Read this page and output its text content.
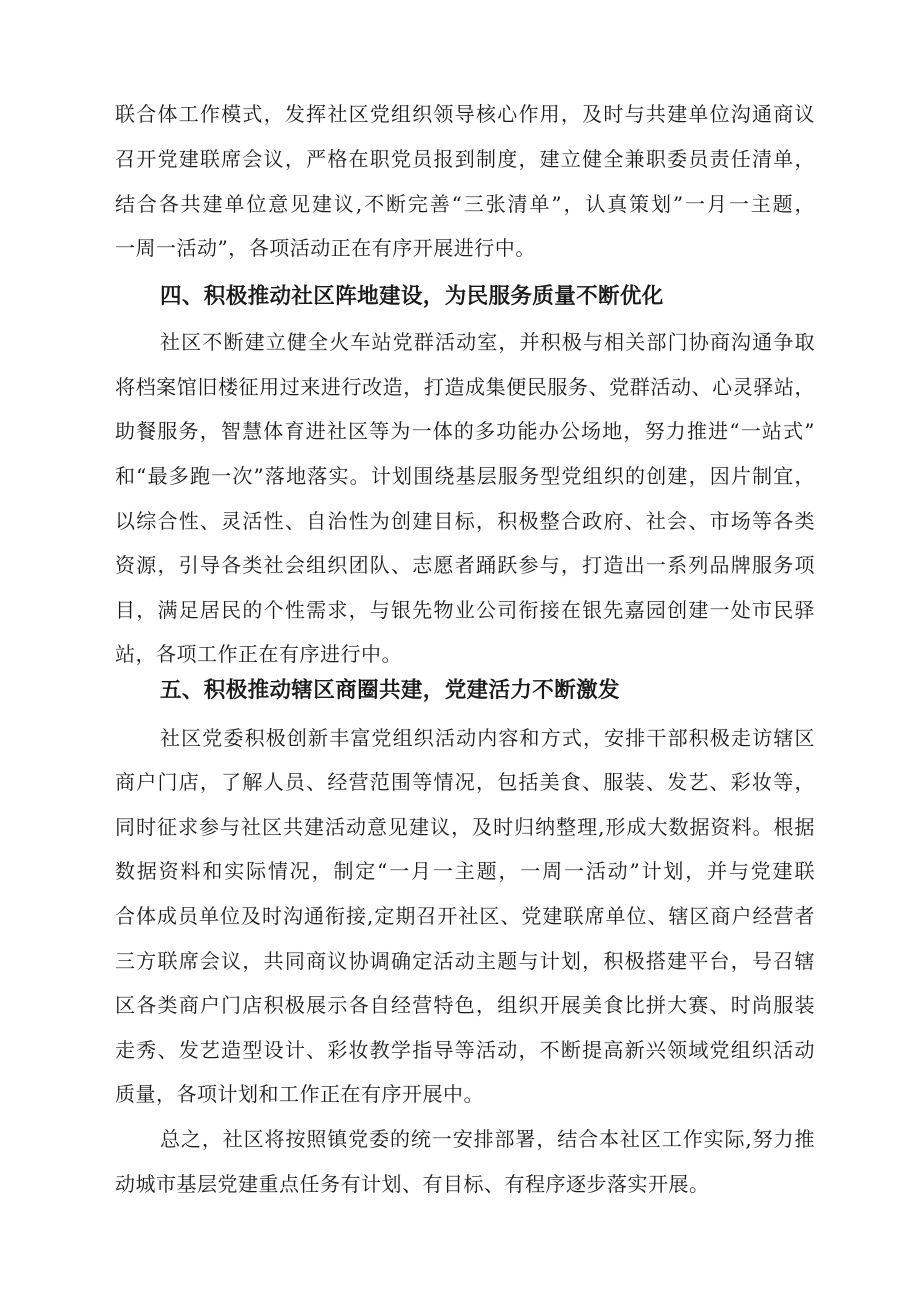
联合体工作模式，发挥社区党组织领导核心作用，及时与共建单位沟通商议
召开党建联席会议，严格在职党员报到制度，建立健全兼职委员责任清单，
结合各共建单位意见建议,不断完善“三张清单”，认真策划”一月一主题，
一周一活动”，各项活动正在有序开展进行中。
四、积极推动社区阵地建设，为民服务质量不断优化
社区不断建立健全火车站党群活动室，并积极与相关部门协商沟通争取
将档案馆旧楼征用过来进行改造，打造成集便民服务、党群活动、心灵驿站，
助餐服务，智慧体育进社区等为一体的多功能办公场地，努力推进“一站式”
和“最多跑一次”落地落实。计划围绕基层服务型党组织的创建，因片制宜，
以综合性、灵活性、自治性为创建目标，积极整合政府、社会、市场等各类
资源，引导各类社会组织团队、志愿者踊跃参与，打造出一系列品牌服务项
目，满足居民的个性需求，与银先物业公司衔接在银先嘉园创建一处市民驿
站，各项工作正在有序进行中。
五、积极推动辖区商圈共建，党建活力不断激发
社区党委积极创新丰富党组织活动内容和方式，安排干部积极走访辖区
商户门店，了解人员、经营范围等情况，包括美食、服装、发艺、彩妆等，
同时征求参与社区共建活动意见建议，及时归纳整理,形成大数据资料。根据
数据资料和实际情况，制定“一月一主题，一周一活动”计划，并与党建联
合体成员单位及时沟通衔接,定期召开社区、党建联席单位、辖区商户经营者
三方联席会议，共同商议协调确定活动主题与计划，积极搭建平台，号召辖
区各类商户门店积极展示各自经营特色，组织开展美食比拼大赛、时尚服装
走秀、发艺造型设计、彩妆教学指导等活动，不断提高新兴领域党组织活动
质量，各项计划和工作正在有序开展中。
总之，社区将按照镇党委的统一安排部署，结合本社区工作实际,努力推
动城市基层党建重点任务有计划、有目标、有程序逐步落实开展。
